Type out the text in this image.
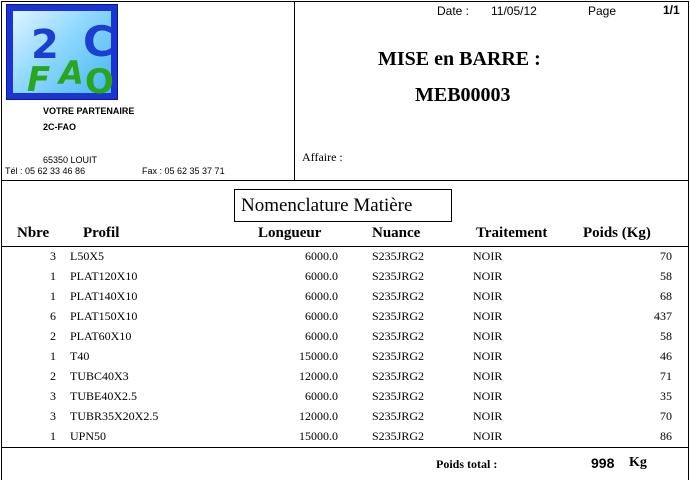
2 C
F A O
VOTRE PARTENAIRE
2C-FAO
65350 LOUIT
Tél : 05 62 33 46 86	Fax : 05 62 35 37 71
Date : 11/05/12	Page	1/1
MISE en BARRE :
MEB00003
Affaire :
Nomenclature Matière
Nbre Profil	Longueur	Nuance	Traitement Poids (Kg)
3 L50X5	6000.0	S235JRG2	NOIR	70
1 PLAT120X10	6000.0	S235JRG2	NOIR	58
1 PLAT140X10	6000.0	S235JRG2	NOIR	68
6 PLAT150X10	6000.0	S235JRG2	NOIR	437
2 PLAT60X10	6000.0	S235JRG2	NOIR	58
1 T40	15000.0	S235JRG2	NOIR	46
2 TUBC40X3	12000.0	S235JRG2	NOIR	71
3 TUBE40X2.5	6000.0	S235JRG2	NOIR	35
3 TUBR35X20X2.5	12000.0	S235JRG2	NOIR	70
1 UPN50	15000.0	S235JRG2	NOIR	86
Poids total :	998 Kg
